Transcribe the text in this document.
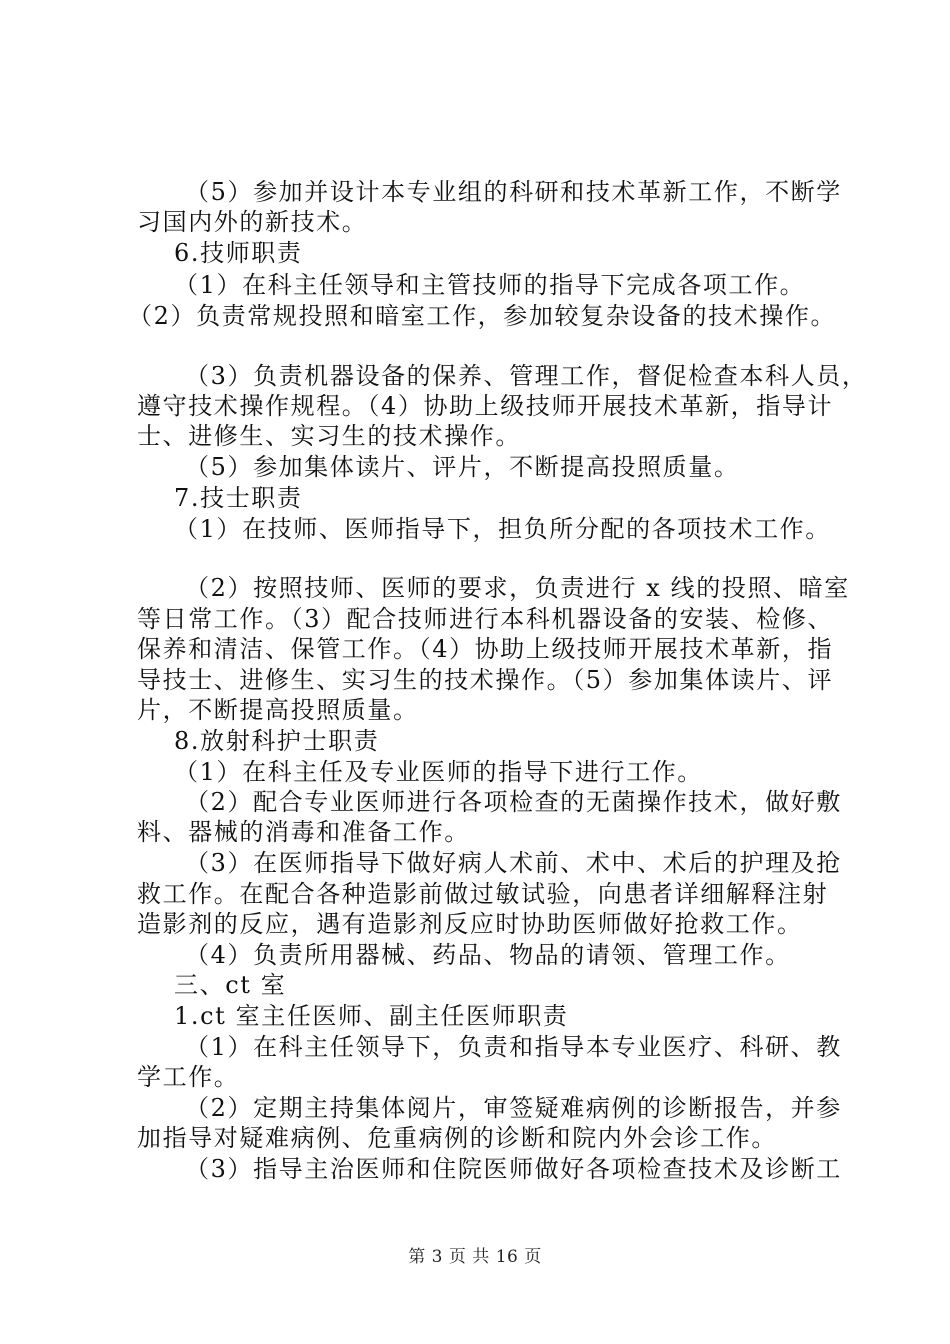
（5）参加并设计本专业组的科研和技术革新工作，不断学
习国内外的新技术。
6.技师职责
（1）在科主任领导和主管技师的指导下完成各项工作。
（2）负责常规投照和暗室工作，参加较复杂设备的技术操作。
（3）负责机器设备的保养、管理工作，督促检查本科人员，
遵守技术操作规程。（4）协助上级技师开展技术革新，指导计
士、进修生、实习生的技术操作。
（5）参加集体读片、评片，不断提高投照质量。
7.技士职责
（1）在技师、医师指导下，担负所分配的各项技术工作。
（2）按照技师、医师的要求，负责进行 x 线的投照、暗室
等日常工作。（3）配合技师进行本科机器设备的安装、检修、
保养和清洁、保管工作。（4）协助上级技师开展技术革新，指
导技士、进修生、实习生的技术操作。（5）参加集体读片、评
片，不断提高投照质量。
8.放射科护士职责
（1）在科主任及专业医师的指导下进行工作。
（2）配合专业医师进行各项检查的无菌操作技术，做好敷
料、器械的消毒和准备工作。
（3）在医师指导下做好病人术前、术中、术后的护理及抢
救工作。在配合各种造影前做过敏试验，向患者详细解释注射
造影剂的反应，遇有造影剂反应时协助医师做好抢救工作。
（4）负责所用器械、药品、物品的请领、管理工作。
三、ct 室
1.ct 室主任医师、副主任医师职责
（1）在科主任领导下，负责和指导本专业医疗、科研、教
学工作。
（2）定期主持集体阅片，审签疑难病例的诊断报告，并参
加指导对疑难病例、危重病例的诊断和院内外会诊工作。
（3）指导主治医师和住院医师做好各项检查技术及诊断工
第 3 页 共 16 页
